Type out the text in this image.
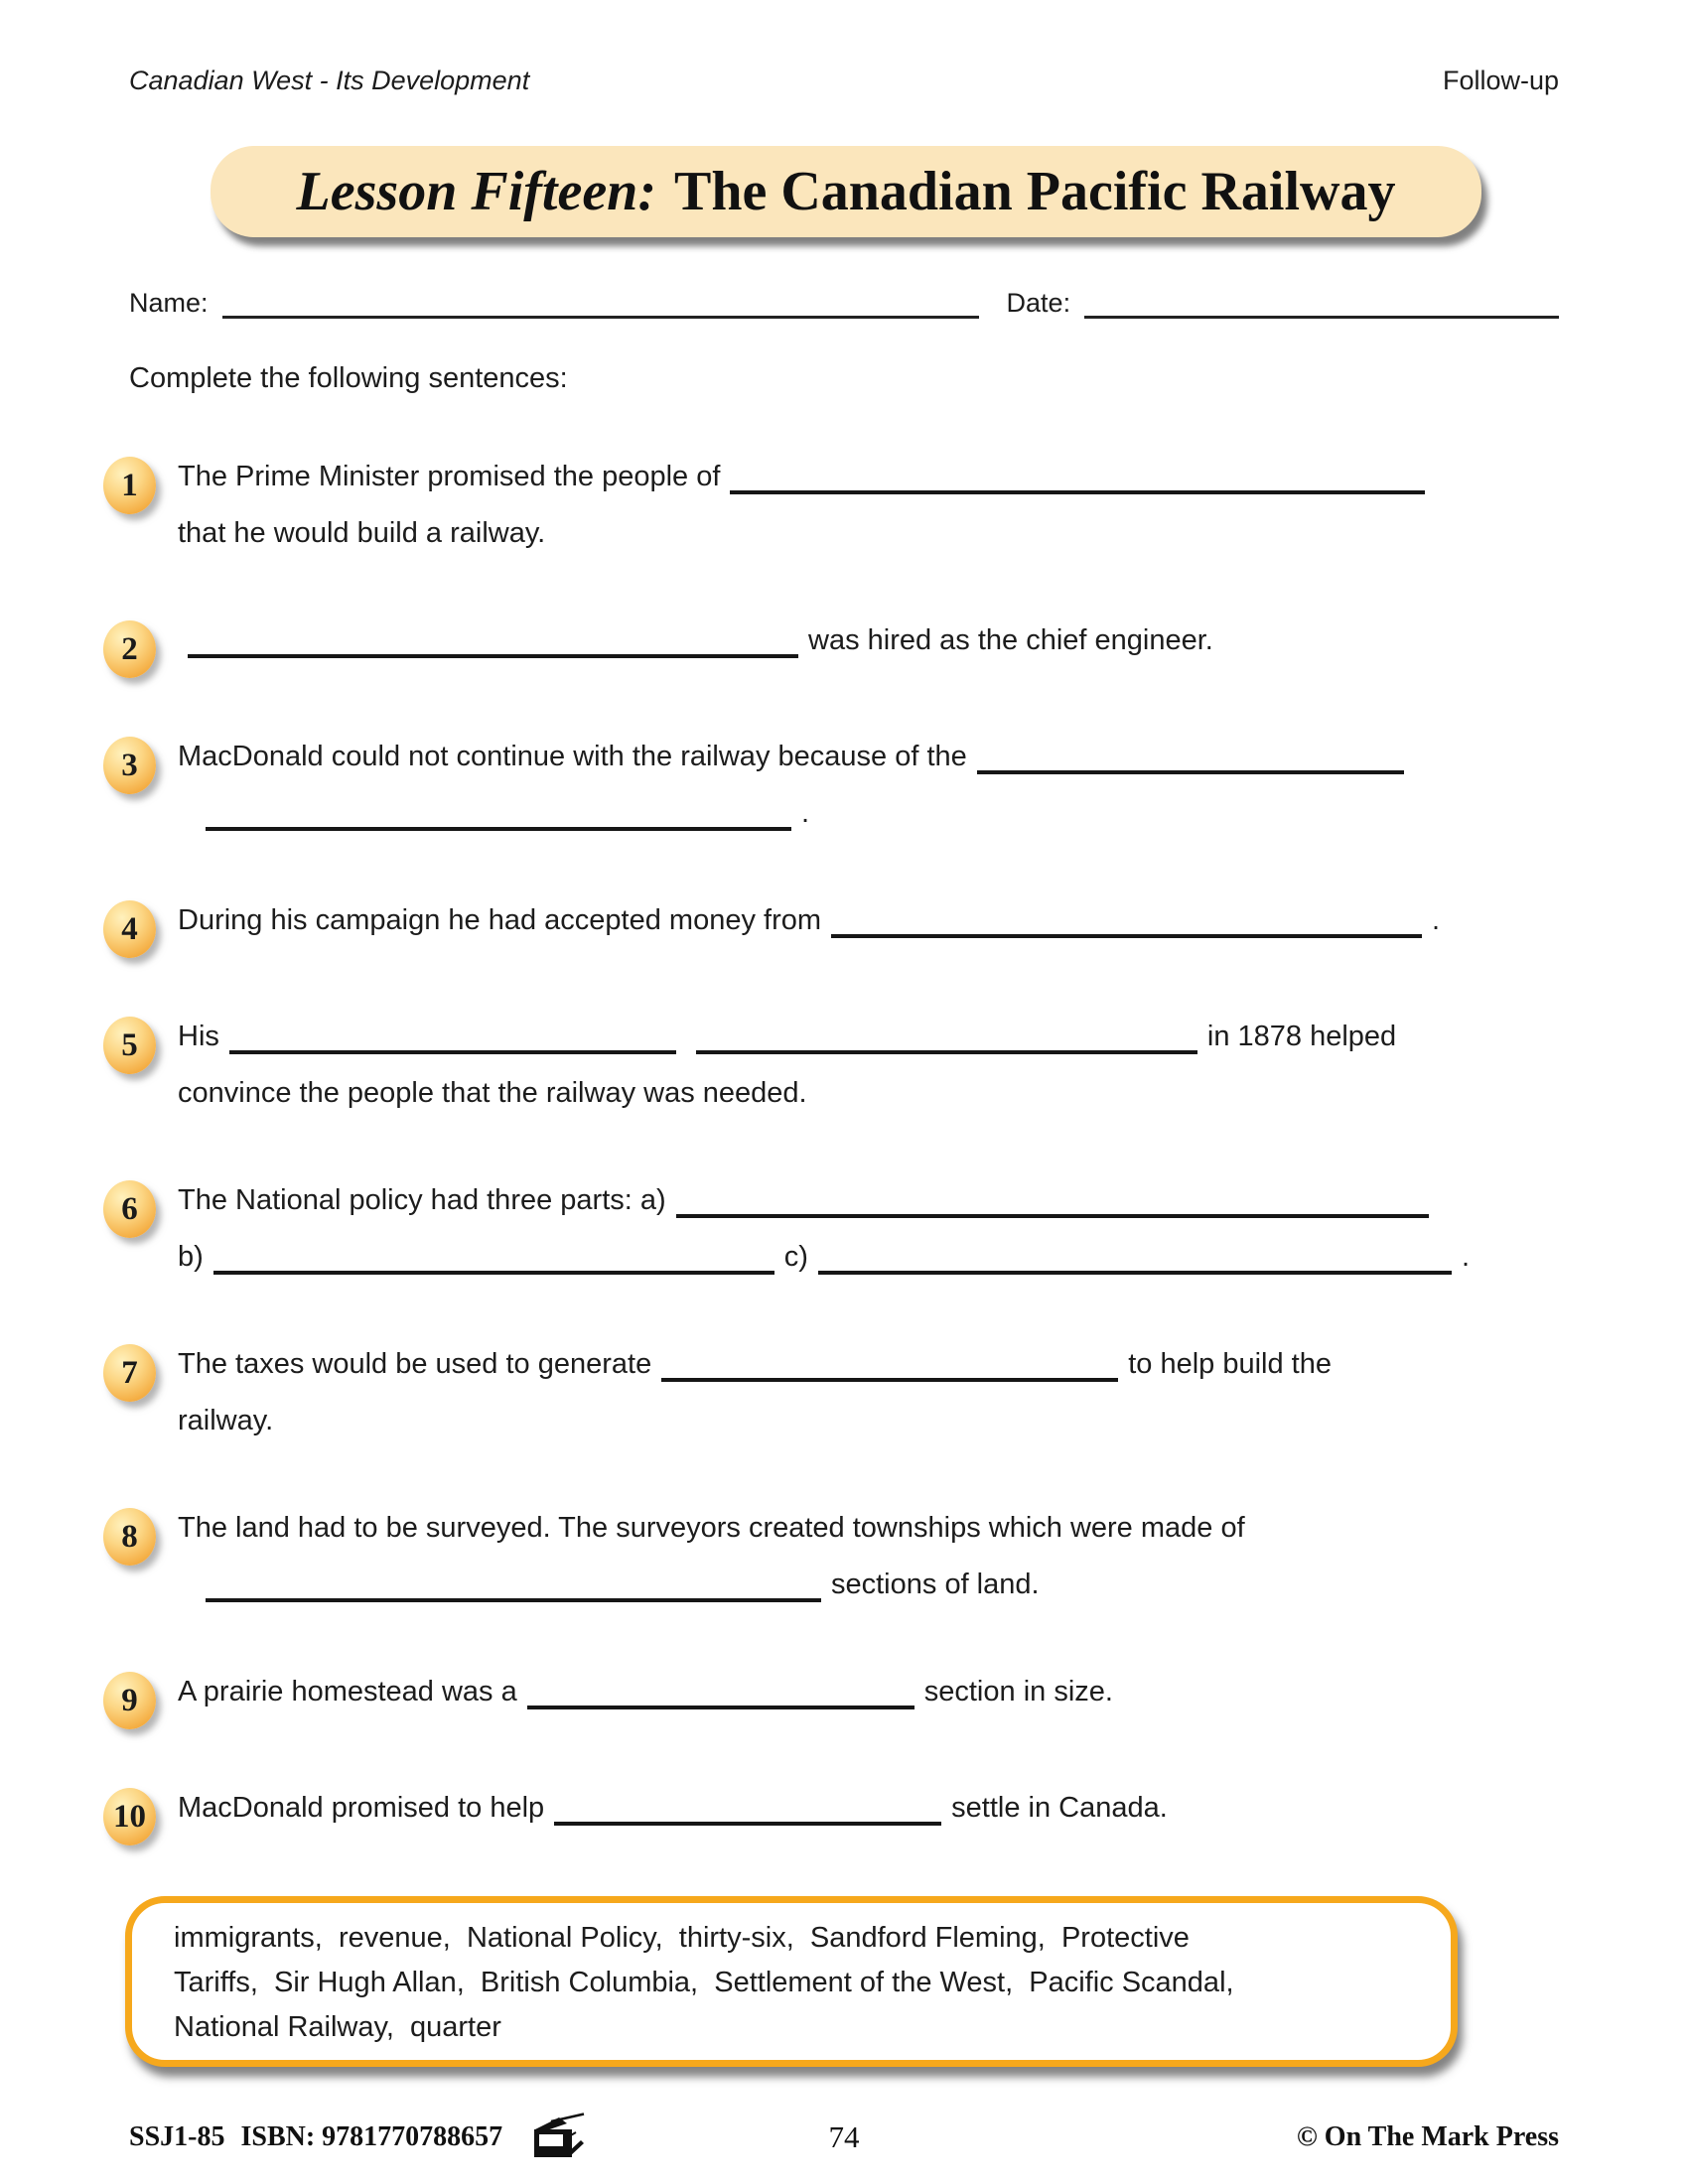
Canadian West - Its Development	Follow-up
Lesson Fifteen: The Canadian Pacific Railway
Name:	Date:
Complete the following sentences:
1	The Prime Minister promised the people of
that he would build a railway.
2	was hired as the chief engineer.
3	MacDonald could not continue with the railway because of the
.
4	During his campaign he had accepted money from	.
5	His	in 1878 helped
convince the people that the railway was needed.
6	The National policy had three parts: a)
b)	c)	.
7	The taxes would be used to generate	to help build the
railway.
8	The land had to be surveyed. The surveyors created townships which were made of
sections of land.
9	A prairie homestead was a	section in size.
10	MacDonald promised to help	settle in Canada.
immigrants,  revenue,  National Policy,  thirty-six,  Sandford Fleming,  Protective
Tariffs,  Sir Hugh Allan,  British Columbia,  Settlement of the West,  Pacific Scandal,
National Railway,  quarter
SSJ1-85 ISBN: 9781770788657	74	© On The Mark Press
